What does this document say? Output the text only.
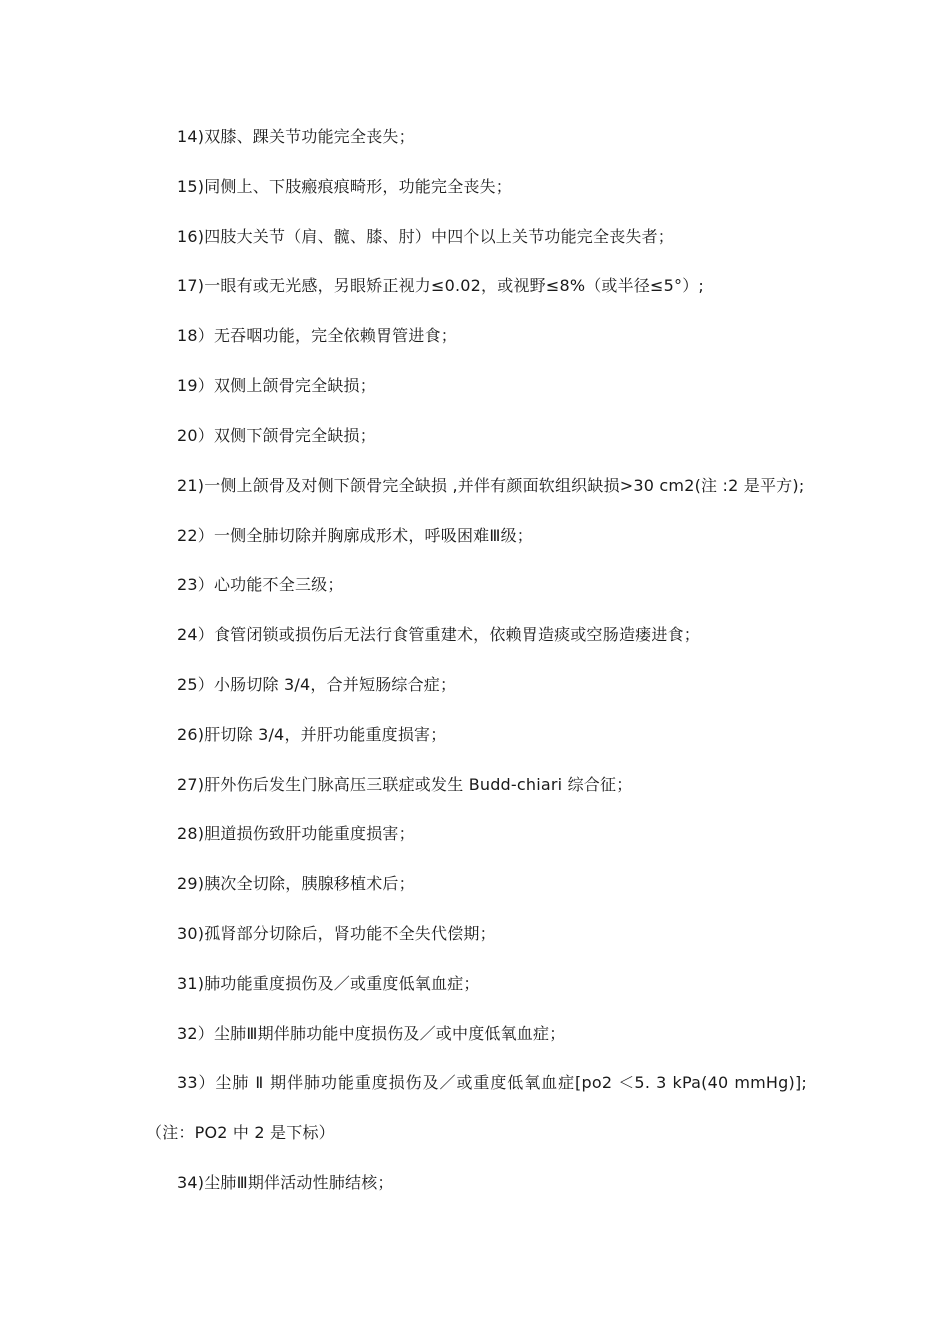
14)双膝、踝关节功能完全丧失；
15)同侧上、下肢瘢痕痕畸形，功能完全丧失；
16)四肢大关节（肩、髋、膝、肘）中四个以上关节功能完全丧失者；
17)一眼有或无光感，另眼矫正视力≤0.02，或视野≤8%（或半径≤5°）;
18）无吞咽功能，完全依赖胃管进食；
19）双侧上颌骨完全缺损；
20）双侧下颌骨完全缺损；
21)一侧上颌骨及对侧下颌骨完全缺损 ,并伴有颜面软组织缺损>30 cm2(注 :2 是平方);
22）一侧全肺切除并胸廓成形术，呼吸困难Ⅲ级；
23）心功能不全三级；
24）食管闭锁或损伤后无法行食管重建术，依赖胃造痰或空肠造瘘进食；
25）小肠切除 3/4，合并短肠综合症；
26)肝切除 3/4，并肝功能重度损害；
27)肝外伤后发生门脉高压三联症或发生 Budd-chiari 综合征；
28)胆道损伤致肝功能重度损害；
29)胰次全切除，胰腺移植术后；
30)孤肾部分切除后，肾功能不全失代偿期；
31)肺功能重度损伤及／或重度低氧血症；
32）尘肺Ⅲ期伴肺功能中度损伤及／或中度低氧血症；
33）尘肺 Ⅱ 期伴肺功能重度损伤及／或重度低氧血症[po2 ＜5. 3 kPa(40 mmHg)];
（注：PO2 中 2 是下标）
34)尘肺Ⅲ期伴活动性肺结核；
